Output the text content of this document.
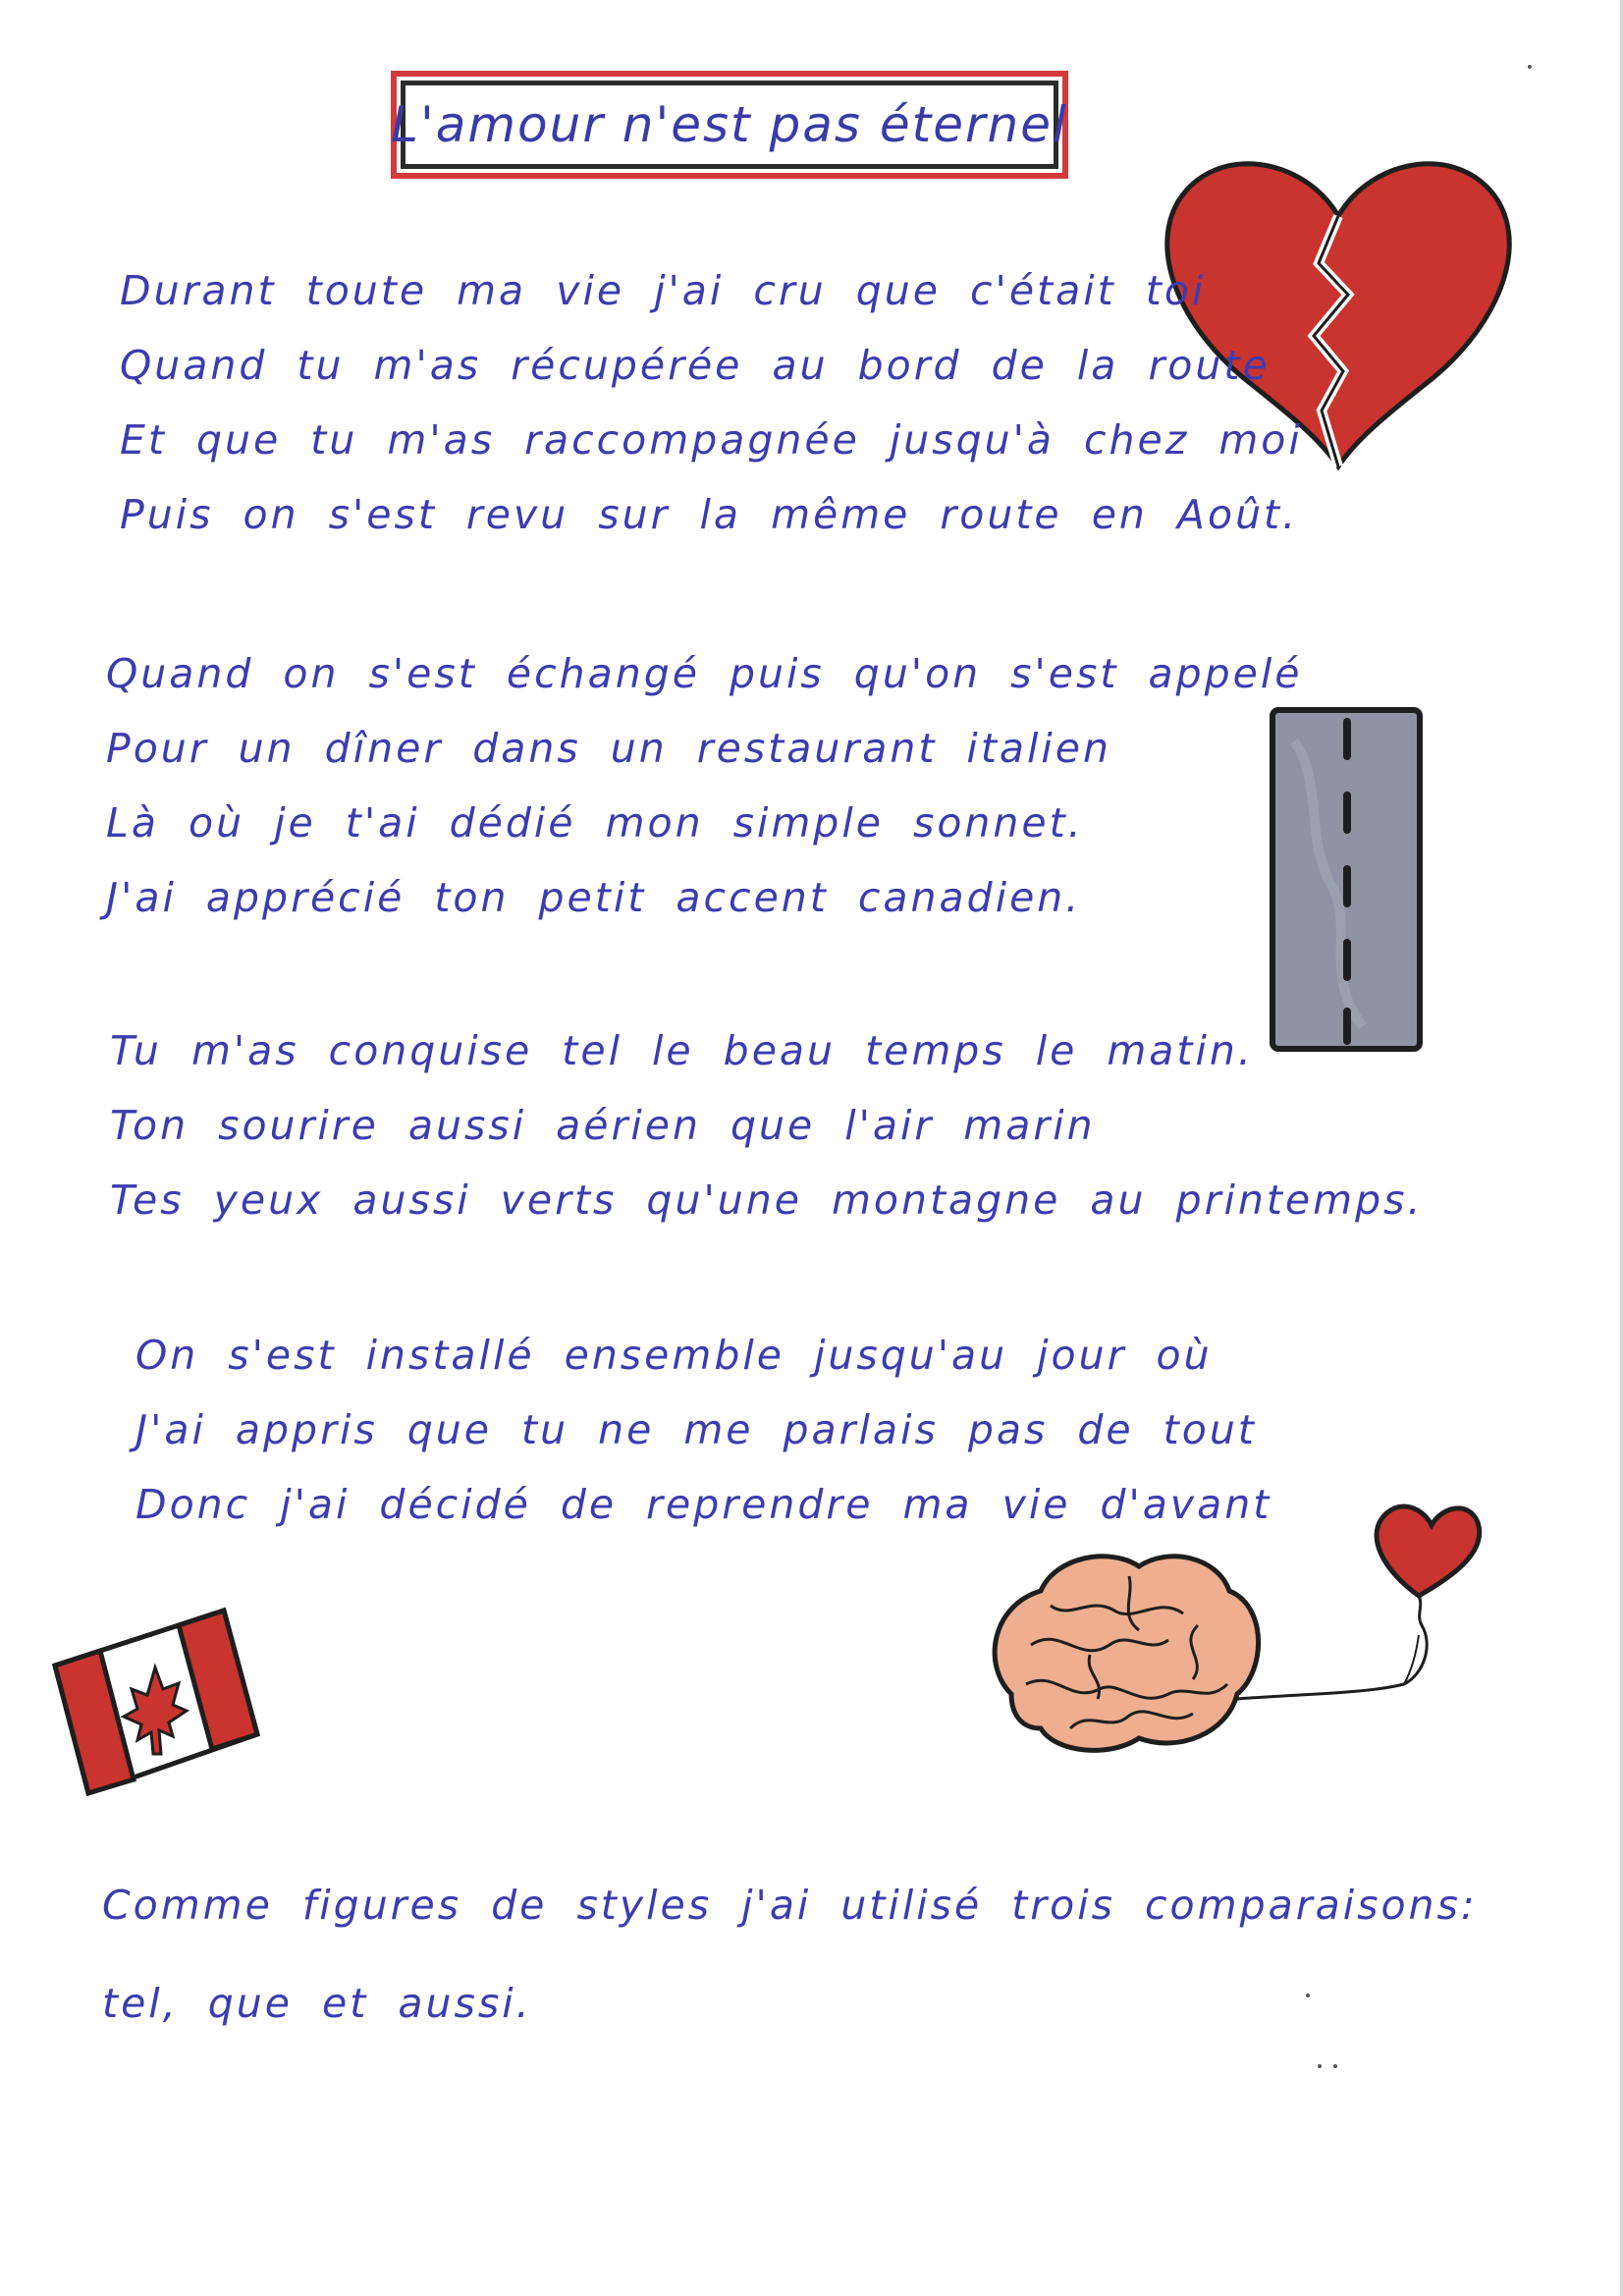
L'amour n'est pas éternel
Durant toute ma vie j'ai cru que c'était toi
Quand tu m'as récupérée au bord de la route
Et que tu m'as raccompagnée jusqu'à chez moi
Puis on s'est revu sur la même route en Août.
Quand on s'est échangé puis qu'on s'est appelé
Pour un dîner dans un restaurant italien
Là où je t'ai dédié mon simple sonnet.
J'ai apprécié ton petit accent canadien.
Tu m'as conquise tel le beau temps le matin.
Ton sourire aussi aérien que l'air marin
Tes yeux aussi verts qu'une montagne au printemps.
On s'est installé ensemble jusqu'au jour où
J'ai appris que tu ne me parlais pas de tout
Donc j'ai décidé de reprendre ma vie d'avant
Comme figures de styles j'ai utilisé trois comparaisons:
tel, que et aussi.
